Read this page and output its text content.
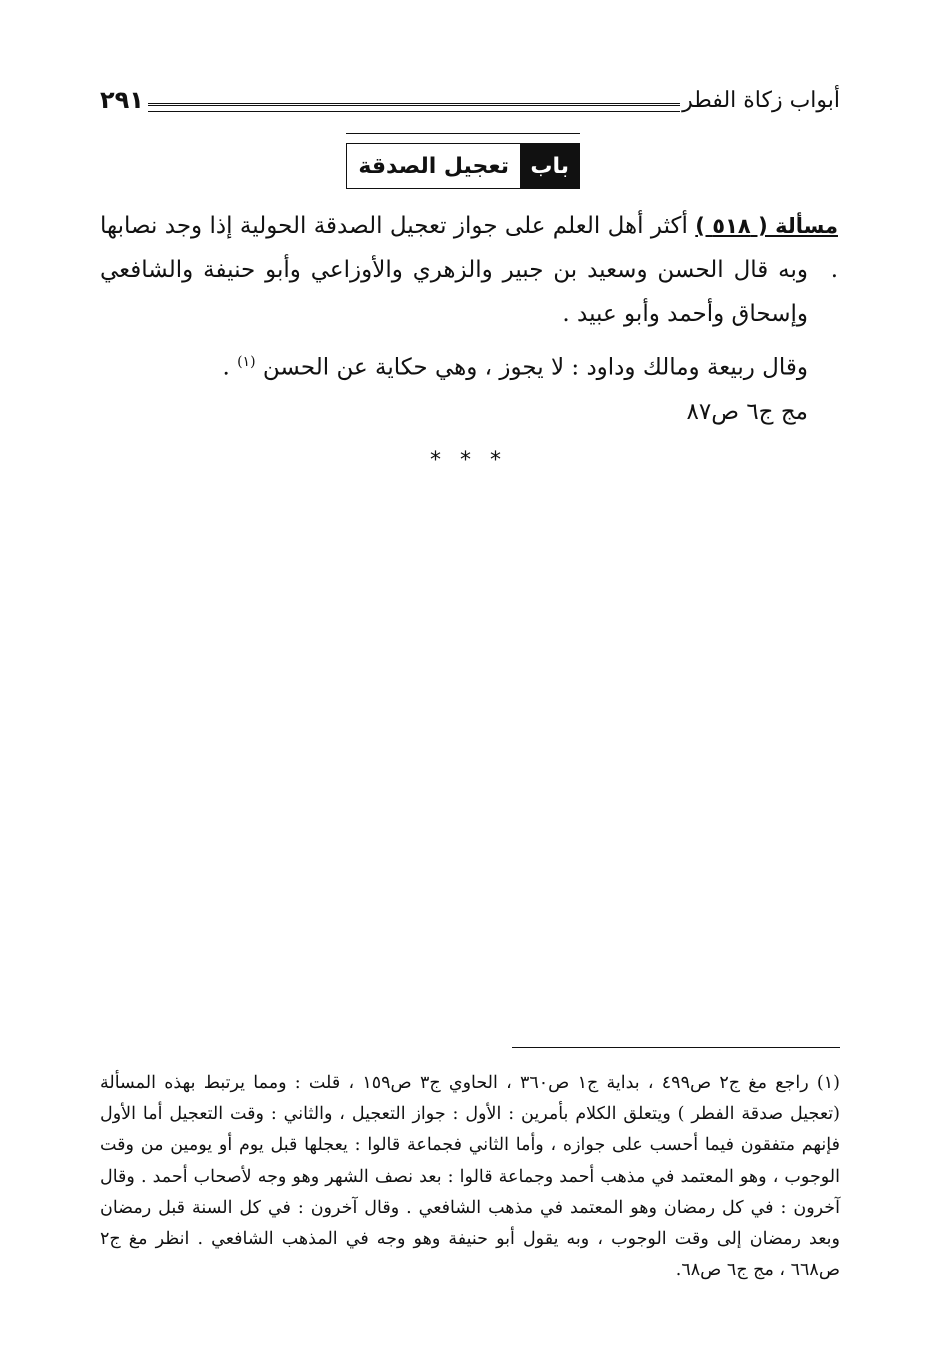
أبواب زكاة الفطر
٢٩١
تعجيل الصدقة باب
مسألة ( ٥١٨ ) أكثر أهل العلم على جواز تعجيل الصدقة الحولية إذا وجد نصابها .
وبه قال الحسن وسعيد بن جبير والزهري والأوزاعي وأبو حنيفة والشافعي وإسحاق وأحمد وأبو عبيد .
وقال ربيعة ومالك وداود : لا يجوز ، وهي حكاية عن الحسن $^{(١)}$ .
مج ج٦ ص٨٧
* * *
(١) راجع مغ ج٢ ص٤٩٩ ، بداية ج١ ص٣٦٠ ، الحاوي ج٣ ص١٥٩ ، قلت : ومما يرتبط بهذه المسألة (تعجيل صدقة الفطر ) ويتعلق الكلام بأمرين : الأول : جواز التعجيل ، والثاني : وقت التعجيل أما الأول فإنهم متفقون فيما أحسب على جوازه ، وأما الثاني فجماعة قالوا : يعجلها قبل يوم أو يومين من وقت الوجوب ، وهو المعتمد في مذهب أحمد وجماعة قالوا : بعد نصف الشهر وهو وجه لأصحاب أحمد . وقال آخرون : في كل رمضان وهو المعتمد في مذهب الشافعي . وقال آخرون : في كل السنة قبل رمضان وبعد رمضان إلى وقت الوجوب ، وبه يقول أبو حنيفة وهو وجه في المذهب الشافعي . انظر مغ ج٢ ص٦٦٨ ، مج ج٦ ص٦٨.
